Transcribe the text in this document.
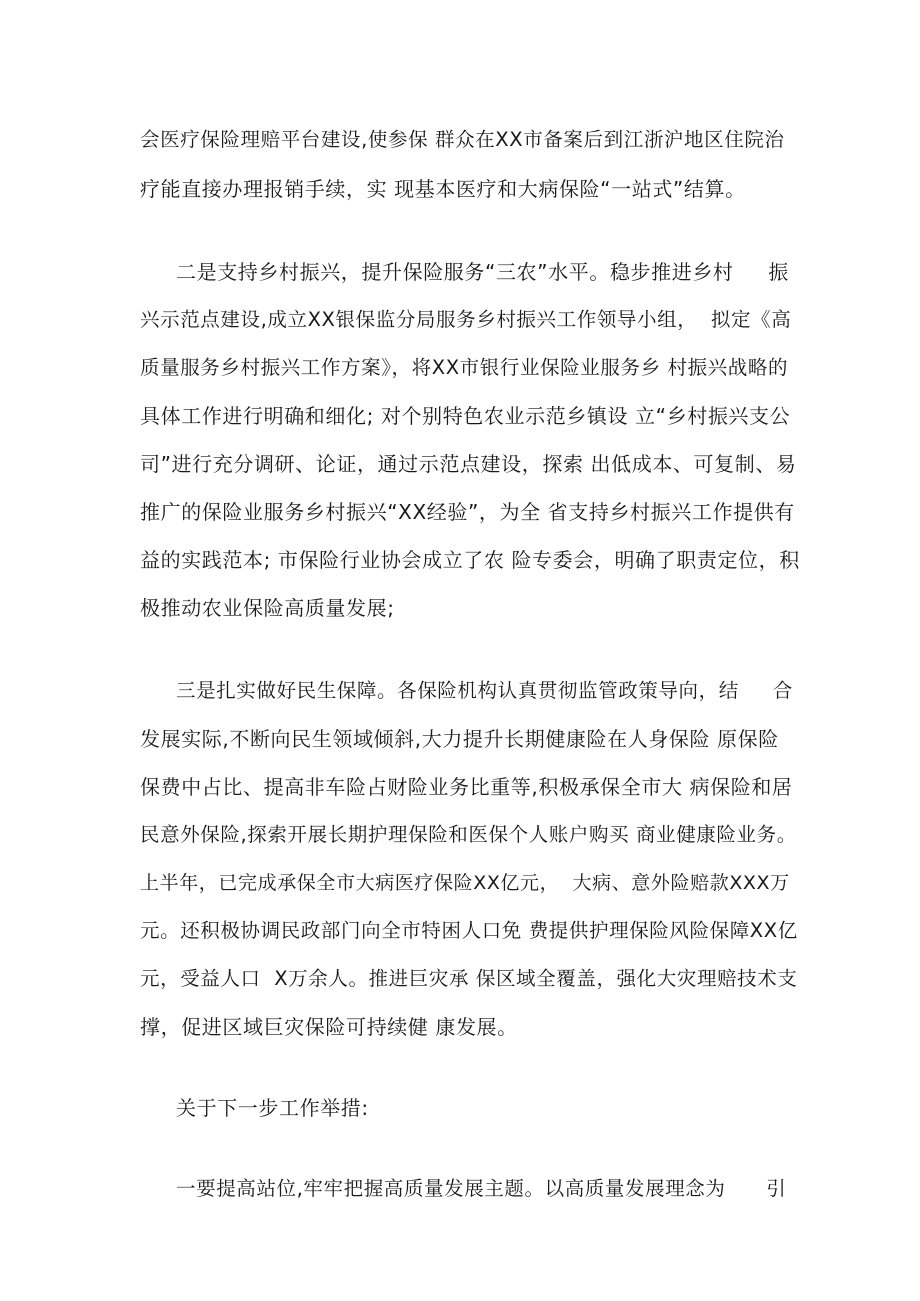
会医疗保险理赔平台建设,使参保 群众在XX市备案后到江浙沪地区住院治
疗能直接办理报销手续，实 现基本医疗和大病保险“一站式”结算。
二是支持乡村振兴，提升保险服务“三农”水平。稳步推进乡村     振
兴示范点建设,成立XX银保监分局服务乡村振兴工作领导小组，  拟定《高
质量服务乡村振兴工作方案》，将XX市银行业保险业服务乡 村振兴战略的
具体工作进行明确和细化; 对个别特色农业示范乡镇设 立“乡村振兴支公
司”进行充分调研、论证，通过示范点建设，探索 出低成本、可复制、易
推广的保险业服务乡村振兴“XX经验”，为全 省支持乡村振兴工作提供有
益的实践范本; 市保险行业协会成立了农 险专委会，明确了职责定位，积
极推动农业保险高质量发展;
三是扎实做好民生保障。各保险机构认真贯彻监管政策导向，结     合
发展实际,不断向民生领域倾斜,大力提升长期健康险在人身保险 原保险
保费中占比、提高非车险占财险业务比重等,积极承保全市大 病保险和居
民意外保险,探索开展长期护理保险和医保个人账户购买 商业健康险业务。
上半年，已完成承保全市大病医疗保险XX亿元，  大病、意外险赔款XXX万
元。还积极协调民政部门向全市特困人口免 费提供护理保险风险保障XX亿
元，受益人口  X万余人。推进巨灾承 保区域全覆盖，强化大灾理赔技术支
撑，促进区域巨灾保险可持续健 康发展。
关于下一步工作举措:
一要提高站位,牢牢把握高质量发展主题。以高质量发展理念为      引
